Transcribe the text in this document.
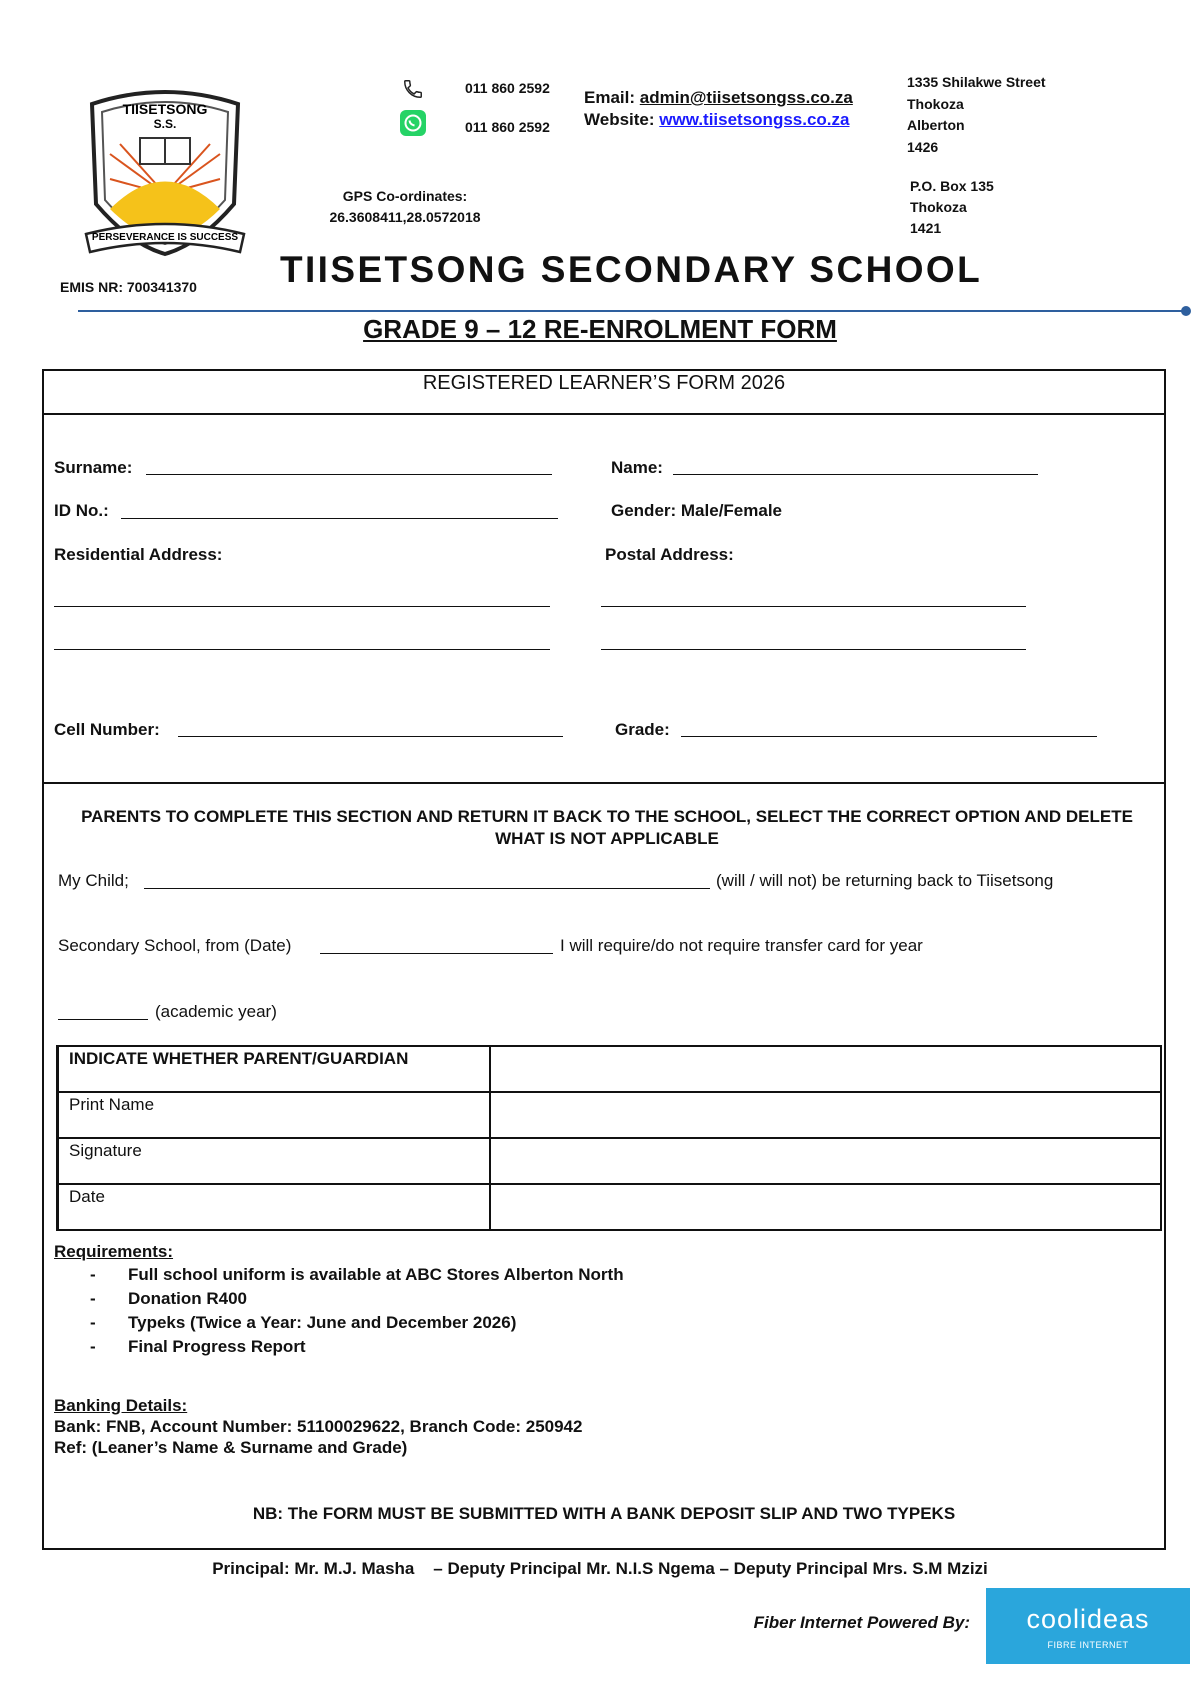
TIISETSONG
S.S.
PERSEVERANCE IS SUCCESS
011 860 2592
011 860 2592
Email: admin@tiisetsongss.co.za
Website: www.tiisetsongss.co.za
1335 Shilakwe Street
Thokoza
Alberton
1426
P.O. Box 135
Thokoza
1421
GPS Co-ordinates:
26.3608411,28.0572018
EMIS NR: 700341370 TIISETSONG SECONDARY SCHOOL
GRADE 9 – 12 RE-ENROLMENT FORM
REGISTERED LEARNER’S FORM 2026
Surname:	Name:
ID No.:	Gender: Male/Female
Residential Address:	Postal Address:
Cell Number:	Grade:
PARENTS TO COMPLETE THIS SECTION AND RETURN IT BACK TO THE SCHOOL, SELECT THE CORRECT OPTION AND DELETE WHAT IS NOT APPLICABLE
My Child;	(will / will not) be returning back to Tiisetsong
Secondary School, from (Date)	I will require/do not require transfer card for year
(academic year)
INDICATE WHETHER PARENT/GUARDIAN	
Print Name	
Signature	
Date	
Requirements:
- Full school uniform is available at ABC Stores Alberton North
- Donation R400
- Typeks (Twice a Year: June and December 2026)
- Final Progress Report
Banking Details:
Bank: FNB, Account Number: 51100029622, Branch Code: 250942
Ref: (Leaner’s Name & Surname and Grade)
NB: The FORM MUST BE SUBMITTED WITH A BANK DEPOSIT SLIP AND TWO TYPEKS
Principal: Mr. M.J. Masha    – Deputy Principal Mr. N.I.S Ngema – Deputy Principal Mrs. S.M Mzizi
Fiber Internet Powered By:	coolideas
FIBRE INTERNET
